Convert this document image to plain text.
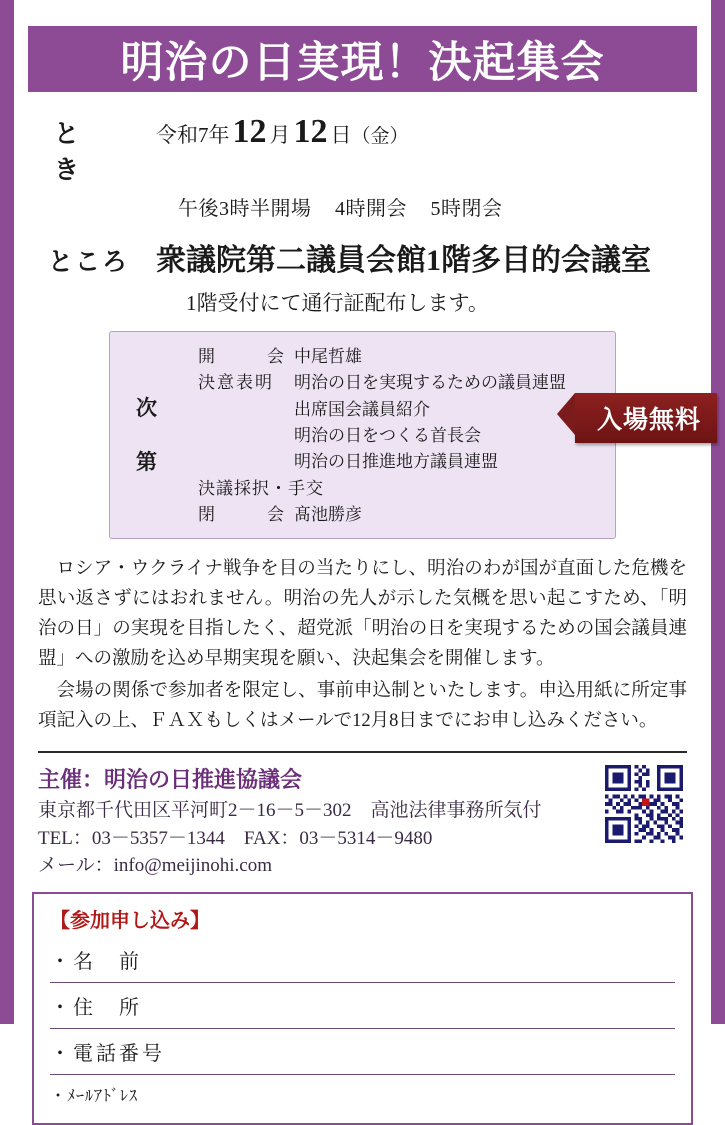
明治の日実現！決起集会
と　き
令和7年 12 月 12 日 （金）
午後3時半開場 4時開会 5時閉会
ところ 衆議院第二議員会館1階多目的会議室
1階受付にて通行証配布します。
次
第
開　　会 中尾哲雄
決意表明	明治の日を実現するための議員連盟
出席国会議員紹介
明治の日をつくる首長会
明治の日推進地方議員連盟
決議採択・手交
閉　　会 髙池勝彦
入場無料

ロシア・ウクライナ戦争を目の当たりにし、明治のわが国が直面した危機を思い返さずにはおれません。明治の先人が示した気概を思い起こすため、「明治の日」の実現を目指したく、超党派「明治の日を実現するための国会議員連盟」への激励を込め早期実現を願い、決起集会を開催します。

会場の関係で参加者を限定し、事前申込制といたします。申込用紙に所定事項記入の上、ＦＡＸもしくはメールで12月8日までにお申し込みください。

主催：明治の日推進協議会
東京都千代田区平河町2－16－5－302　高池法律事務所気付
TEL：03－5357－1344　FAX：03－5314－9480
メール：info@meijinohi.com
【参加申し込み】
・名　前
・住　所
・電話番号
・ﾒｰﾙｱﾄﾞﾚｽ
